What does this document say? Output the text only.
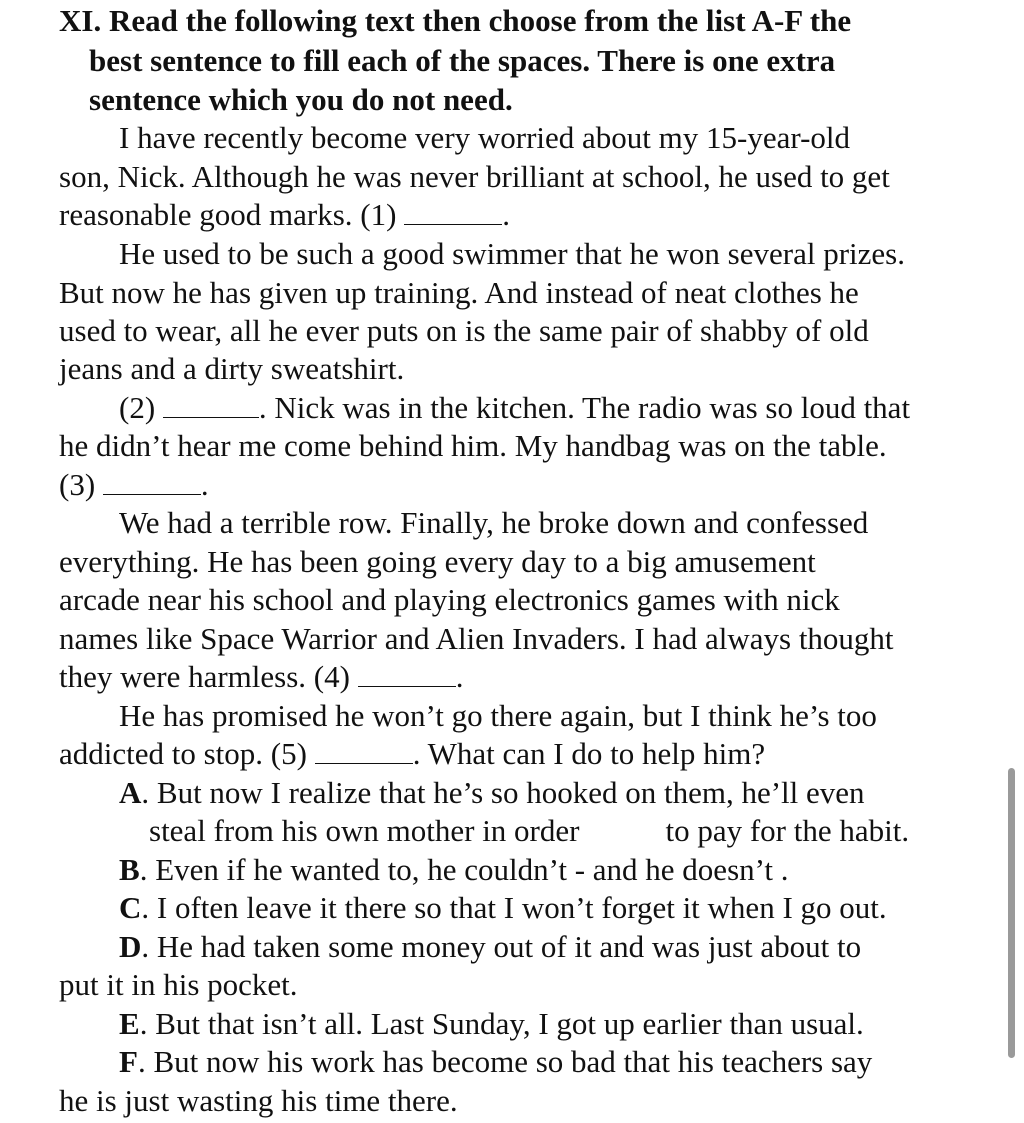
XI. Read the following text then choose from the list A-F the
best sentence to fill each of the spaces. There is one extra
sentence which you do not need.
I have recently become very worried about my 15-year-old
son, Nick. Although he was never brilliant at school, he used to get
reasonable good marks. (1)	.
He used to be such a good swimmer that he won several prizes.
But now he has given up training. And instead of neat clothes he
used to wear, all he ever puts on is the same pair of shabby of old
jeans and a dirty sweatshirt.
(2)	. Nick was in the kitchen. The radio was so loud that
he didn’t hear me come behind him. My handbag was on the table.
(3)	.
We had a terrible row. Finally, he broke down and confessed
everything. He has been going every day to a big amusement
arcade near his school and playing electronics games with nick
names like Space Warrior and Alien Invaders. I had always thought
they were harmless. (4)	.
He has promised he won’t go there again, but I think he’s too
addicted to stop. (5)	. What can I do to help him?
A. But now I realize that he’s so hooked on them, he’ll even
steal from his own mother in order	to pay for the habit.
B. Even if he wanted to, he couldn’t - and he doesn’t .
C. I often leave it there so that I won’t forget it when I go out.
D. He had taken some money out of it and was just about to
put it in his pocket.
E. But that isn’t all. Last Sunday, I got up earlier than usual.
F. But now his work has become so bad that his teachers say
he is just wasting his time there.
